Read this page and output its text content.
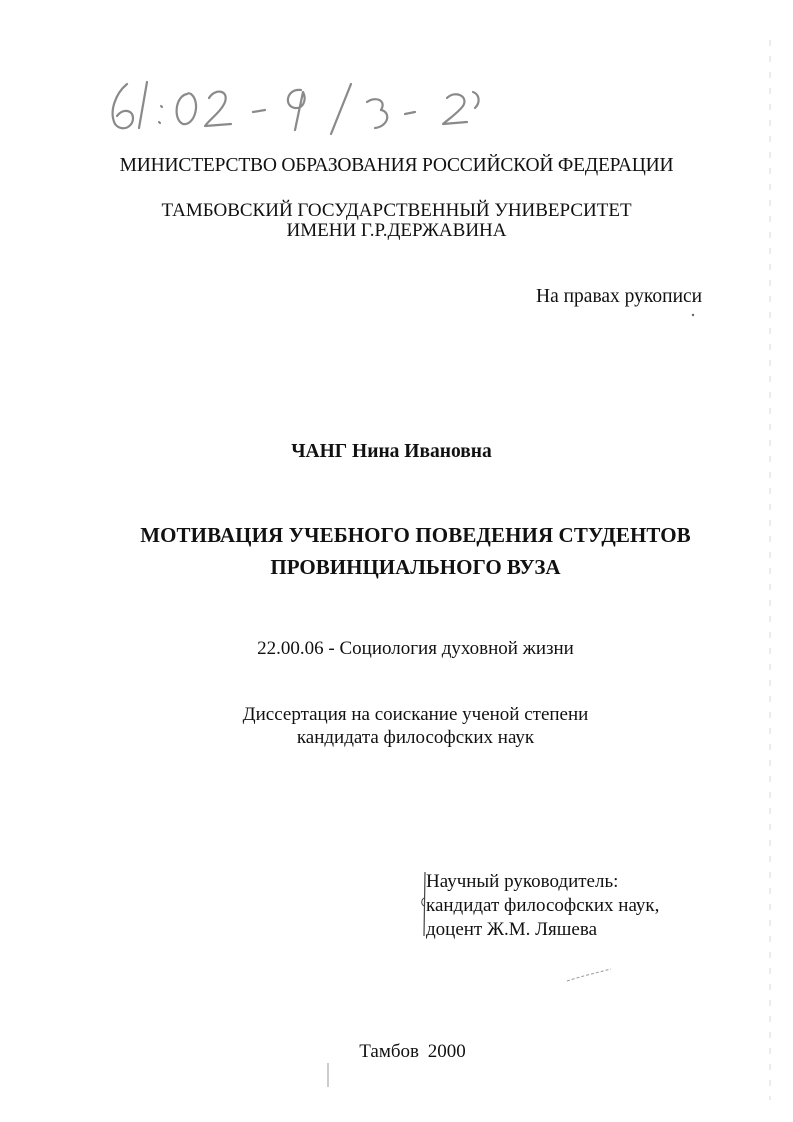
МИНИСТЕРСТВО ОБРАЗОВАНИЯ РОССИЙСКОЙ ФЕДЕРАЦИИ
ТАМБОВСКИЙ ГОСУДАРСТВЕННЫЙ УНИВЕРСИТЕТ
ИМЕНИ Г.Р.ДЕРЖАВИНА
На правах рукописи
ЧАНГ Нина Ивановна
МОТИВАЦИЯ УЧЕБНОГО ПОВЕДЕНИЯ СТУДЕНТОВ
ПРОВИНЦИАЛЬНОГО ВУЗА
22.00.06 - Социология духовной жизни
Диссертация на соискание ученой степени
кандидата философских наук
Научный руководитель:
кандидат философских наук,
доцент Ж.М. Ляшева
Тамбов 2000
